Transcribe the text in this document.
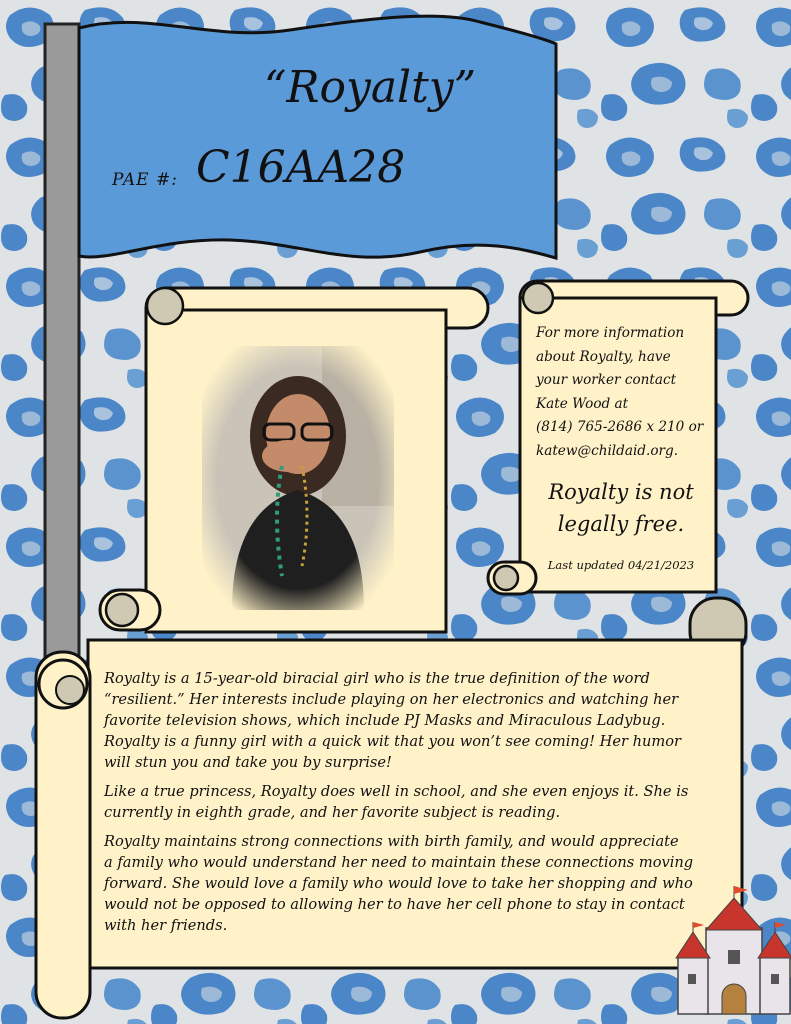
“Royalty”
PAE #: C16AA28
For more information
about Royalty, have
your worker contact
Kate Wood at
(814) 765-2686 x 210 or
katew@childaid.org.
Royalty is not
legally free.
Last updated 04/21/2023

Royalty is a 15-year-old biracial girl who is the true definition of the word
“resilient.” Her interests include playing on her electronics and watching her
favorite television shows, which include PJ Masks and Miraculous Ladybug.
Royalty is a funny girl with a quick wit that you won’t see coming! Her humor
will stun you and take you by surprise!

Like a true princess, Royalty does well in school, and she even enjoys it. She is
currently in eighth grade, and her favorite subject is reading.

Royalty maintains strong connections with birth family, and would appreciate
a family who would understand her need to maintain these connections moving
forward. She would love a family who would love to take her shopping and who
would not be opposed to allowing her to have her cell phone to stay in contact
with her friends.
